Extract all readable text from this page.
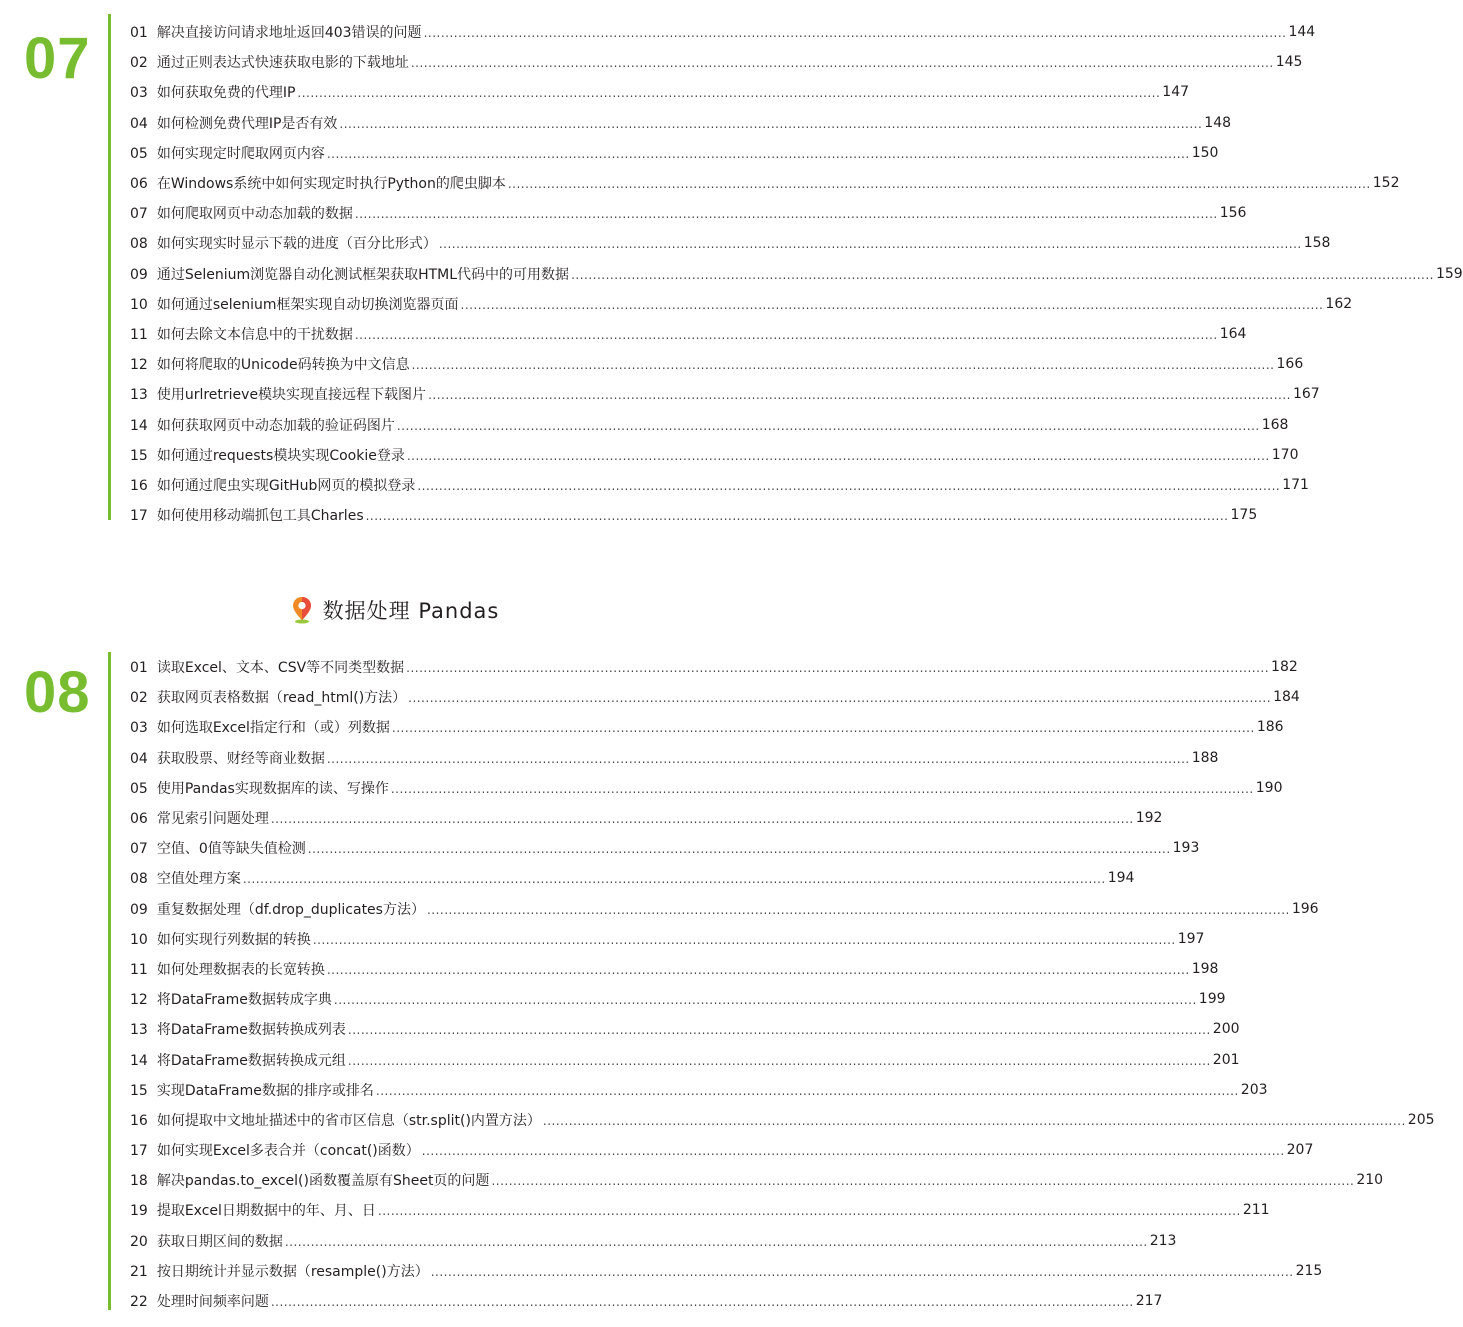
07	01 解决直接访问请求地址返回403错误的问题 ........................................................................................................................................................................................................ 144
02 通过正则表达式快速获取电影的下载地址 ........................................................................................................................................................................................................ 145
03 如何获取免费的代理IP ........................................................................................................................................................................................................ 147
04 如何检测免费代理IP是否有效 ........................................................................................................................................................................................................ 148
05 如何实现定时爬取网页内容 ........................................................................................................................................................................................................ 150
06 在Windows系统中如何实现定时执行Python的爬虫脚本 ........................................................................................................................................................................................................ 152
07 如何爬取网页中动态加载的数据 ........................................................................................................................................................................................................ 156
08 如何实现实时显示下载的进度（百分比形式） ........................................................................................................................................................................................................ 158
09 通过Selenium浏览器自动化测试框架获取HTML代码中的可用数据 ........................................................................................................................................................................................................ 159
10 如何通过selenium框架实现自动切换浏览器页面 ........................................................................................................................................................................................................ 162
11 如何去除文本信息中的干扰数据 ........................................................................................................................................................................................................ 164
12 如何将爬取的Unicode码转换为中文信息 ........................................................................................................................................................................................................ 166
13 使用urlretrieve模块实现直接远程下载图片 ........................................................................................................................................................................................................ 167
14 如何获取网页中动态加载的验证码图片 ........................................................................................................................................................................................................ 168
15 如何通过requests模块实现Cookie登录 ........................................................................................................................................................................................................ 170
16 如何通过爬虫实现GitHub网页的模拟登录 ........................................................................................................................................................................................................ 171
17 如何使用移动端抓包工具Charles ........................................................................................................................................................................................................ 175
数据处理 Pandas
08	01 读取Excel、文本、CSV等不同类型数据 ........................................................................................................................................................................................................ 182
02 获取网页表格数据（read_html()方法） ........................................................................................................................................................................................................ 184
03 如何选取Excel指定行和（或）列数据 ........................................................................................................................................................................................................ 186
04 获取股票、财经等商业数据 ........................................................................................................................................................................................................ 188
05 使用Pandas实现数据库的读、写操作 ........................................................................................................................................................................................................ 190
06 常见索引问题处理 ........................................................................................................................................................................................................ 192
07 空值、0值等缺失值检测 ........................................................................................................................................................................................................ 193
08 空值处理方案 ........................................................................................................................................................................................................ 194
09 重复数据处理（df.drop_duplicates方法） ........................................................................................................................................................................................................ 196
10 如何实现行列数据的转换 ........................................................................................................................................................................................................ 197
11 如何处理数据表的长宽转换 ........................................................................................................................................................................................................ 198
12 将DataFrame数据转成字典 ........................................................................................................................................................................................................ 199
13 将DataFrame数据转换成列表 ........................................................................................................................................................................................................ 200
14 将DataFrame数据转换成元组 ........................................................................................................................................................................................................ 201
15 实现DataFrame数据的排序或排名 ........................................................................................................................................................................................................ 203
16 如何提取中文地址描述中的省市区信息（str.split()内置方法） ........................................................................................................................................................................................................ 205
17 如何实现Excel多表合并（concat()函数） ........................................................................................................................................................................................................ 207
18 解决pandas.to_excel()函数覆盖原有Sheet页的问题 ........................................................................................................................................................................................................ 210
19 提取Excel日期数据中的年、月、日 ........................................................................................................................................................................................................ 211
20 获取日期区间的数据 ........................................................................................................................................................................................................ 213
21 按日期统计并显示数据（resample()方法） ........................................................................................................................................................................................................ 215
22 处理时间频率问题 ........................................................................................................................................................................................................ 217
